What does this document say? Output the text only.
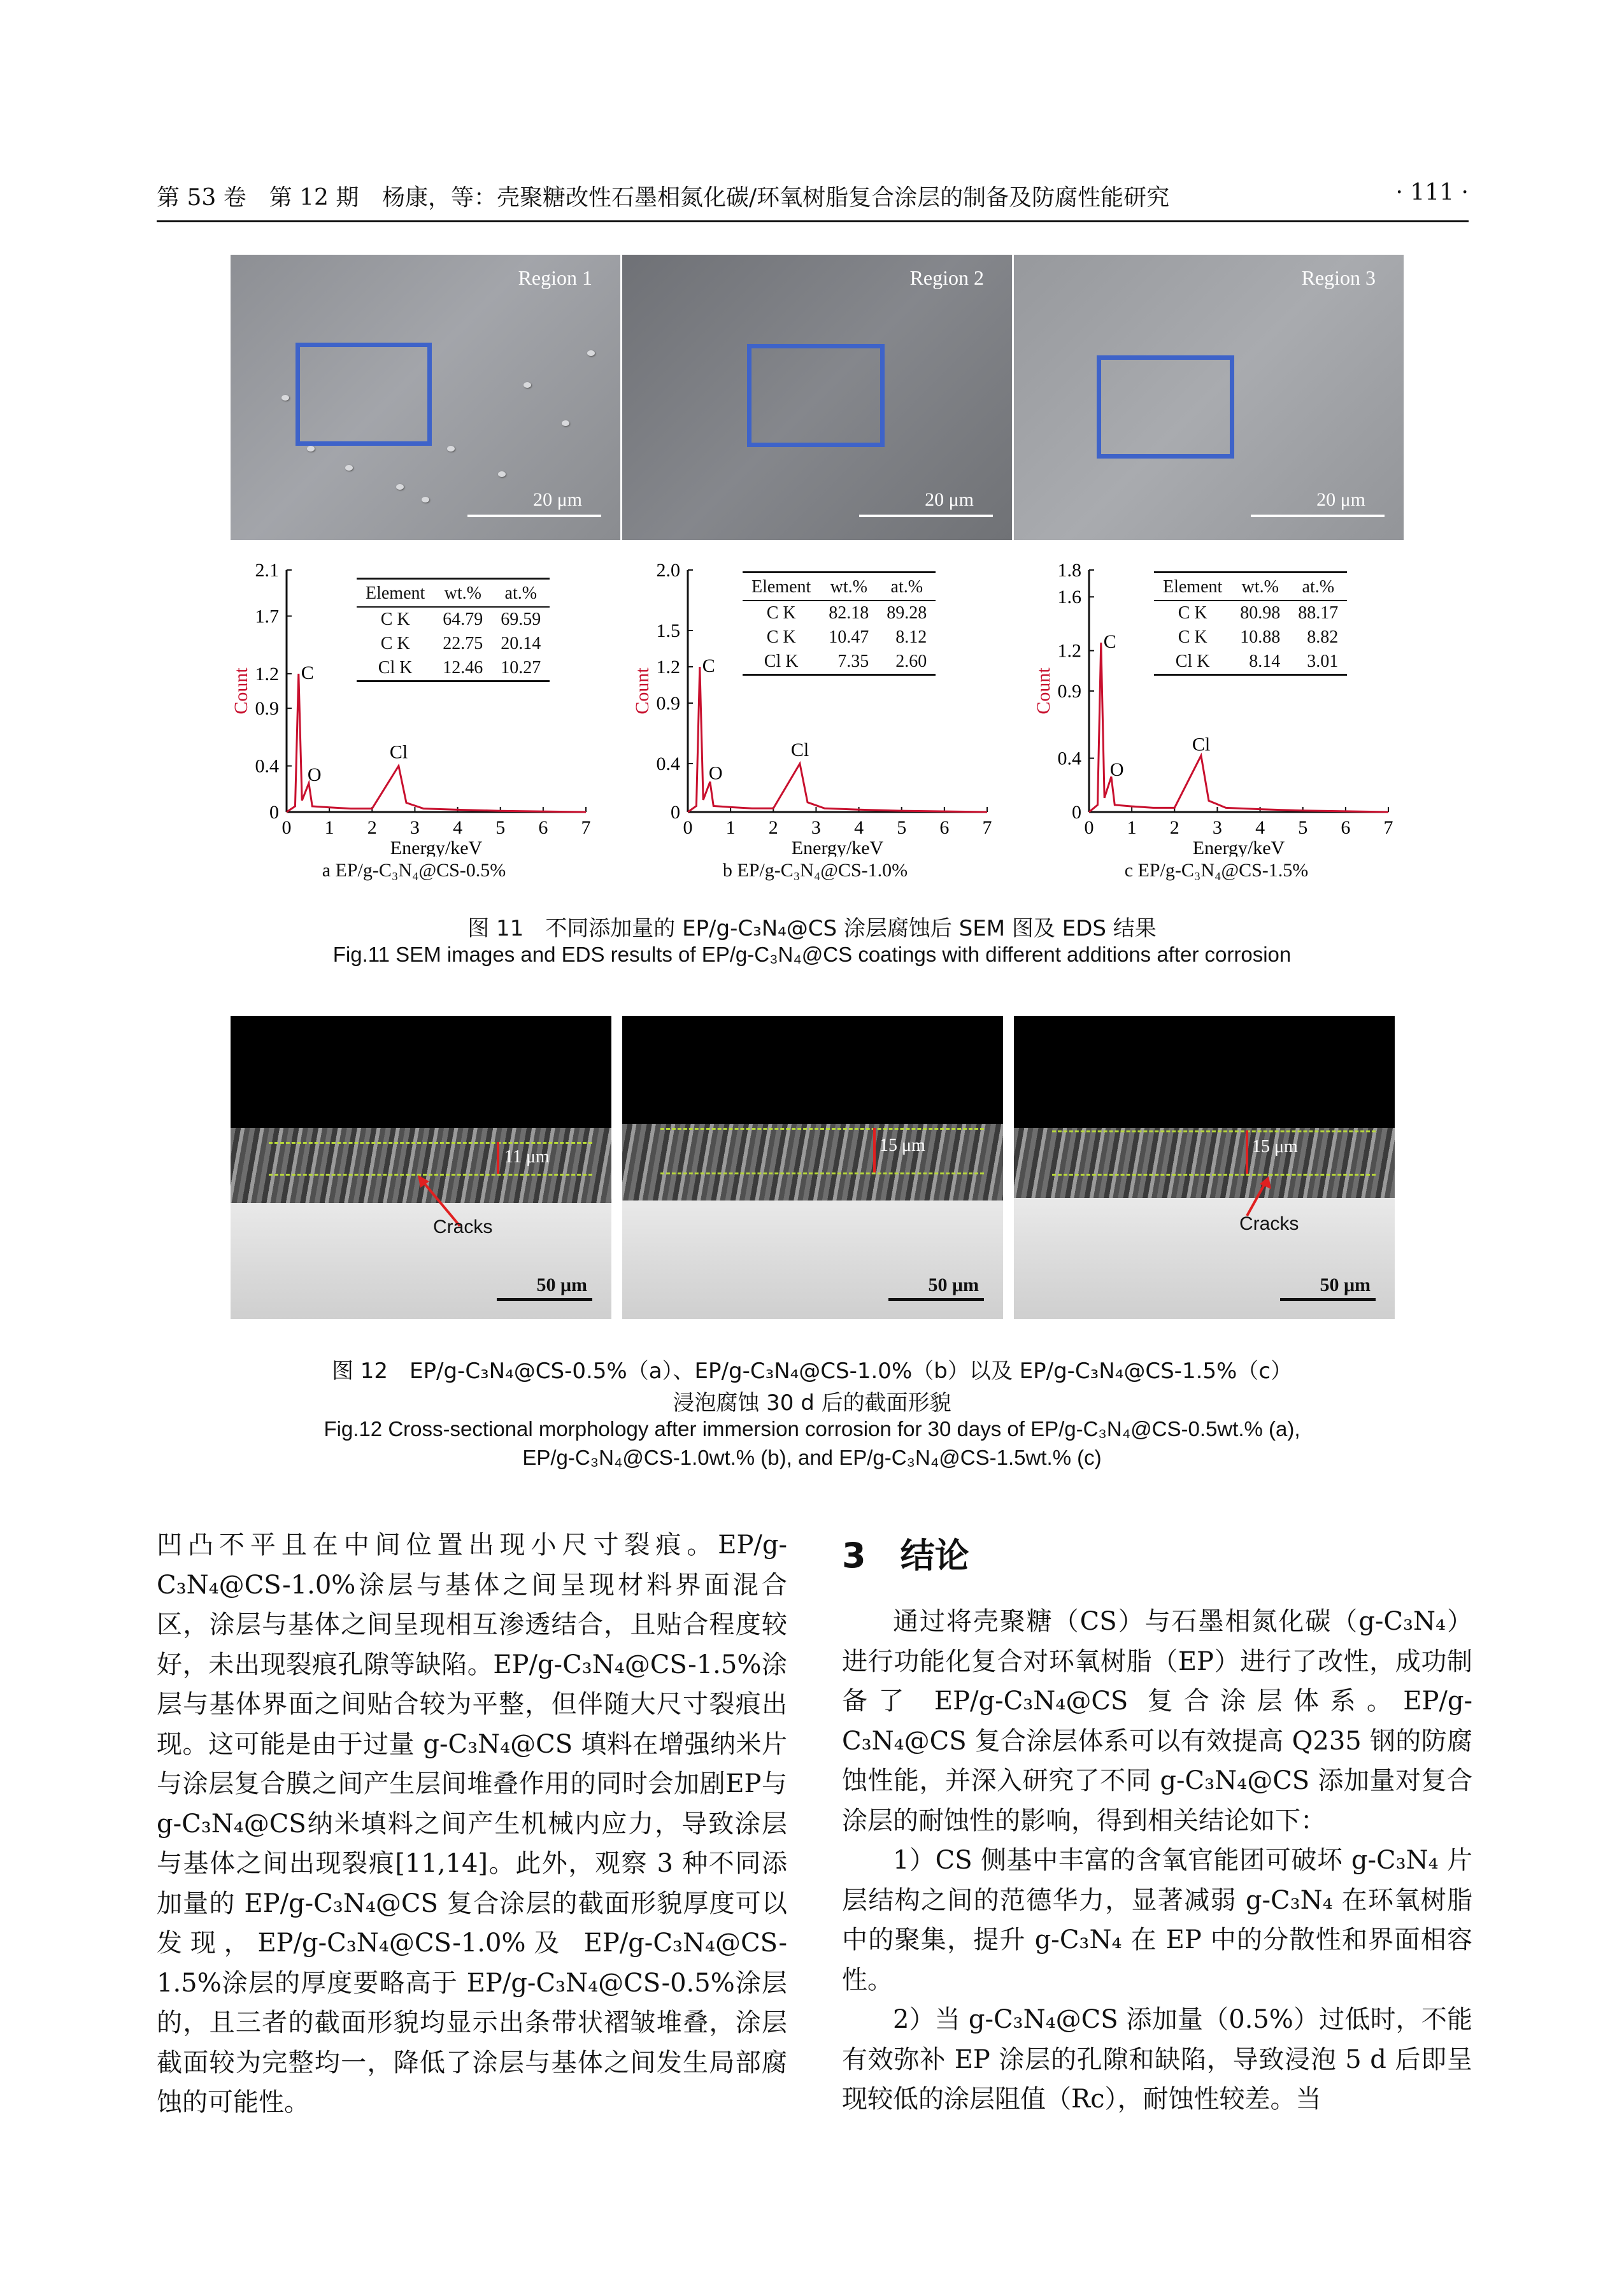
第 53 卷　第 12 期 杨康，等：壳聚糖改性石墨相氮化碳/环氧树脂复合涂层的制备及防腐性能研究	· 111 ·
Region 1
20 μm
Region 2
20 μm
Region 3
20 μm
2.1
1.7
1.2
0.9
0.4
0
0 1 2 3 4 5 6 7
Energy/keV
Count	C
O
Cl
Element	wt.%	at.%
C K	64.79	69.59
C K	22.75	20.14
Cl K	12.46	10.27
2.0
1.5
1.2
0.9
0.4
0
0 1 2 3 4 5 6 7
Energy/keV
Count
C
O
Cl
Element	wt.%	at.%
C K	82.18	89.28
C K	10.47	8.12
Cl K	7.35	2.60
1.8
1.6
1.2
0.9
0.4
0
0 1 2 3 4 5 6 7
Energy/keV
Count
C
O
Cl
Element	wt.%	at.%
C K	80.98	88.17
C K	10.88	8.82
Cl K	8.14	3.01
a EP/g-C₃N₄@CS-0.5%	b EP/g-C₃N₄@CS-1.0%	c EP/g-C₃N₄@CS-1.5%
图 11　不同添加量的 EP/g-C₃N₄@CS 涂层腐蚀后 SEM 图及 EDS 结果
Fig.11 SEM images and EDS results of EP/g-C₃N₄@CS coatings with different additions after corrosion
11 μm
Cracks
50 μm
15 μm
50 μm
15 μm
Cracks
50 μm
图 12　EP/g-C₃N₄@CS-0.5%（a）、EP/g-C₃N₄@CS-1.0%（b）以及 EP/g-C₃N₄@CS-1.5%（c）
浸泡腐蚀 30 d 后的截面形貌
Fig.12 Cross-sectional morphology after immersion corrosion for 30 days of EP/g-C₃N₄@CS-0.5wt.% (a),
EP/g-C₃N₄@CS-1.0wt.% (b), and EP/g-C₃N₄@CS-1.5wt.% (c)

凹凸不平且在中间位置出现小尺寸裂痕。EP/g-C₃N₄@CS-1.0%涂层与基体之间呈现材料界面混合区，涂层与基体之间呈现相互渗透结合，且贴合程度较好，未出现裂痕孔隙等缺陷。EP/g-C₃N₄@CS-1.5%涂层与基体界面之间贴合较为平整，但伴随大尺寸裂痕出现。这可能是由于过量 g-C₃N₄@CS 填料在增强纳米片与涂层复合膜之间产生层间堆叠作用的同时会加剧EP与g-C₃N₄@CS纳米填料之间产生机械内应力，导致涂层与基体之间出现裂痕[11,14]。此外，观察 3 种不同添加量的 EP/g-C₃N₄@CS 复合涂层的截面形貌厚度可以发现，EP/g-C₃N₄@CS-1.0%及 EP/g-C₃N₄@CS-1.5%涂层的厚度要略高于 EP/g-C₃N₄@CS-0.5%涂层的，且三者的截面形貌均显示出条带状褶皱堆叠，涂层截面较为完整均一，降低了涂层与基体之间发生局部腐蚀的可能性。

3　结论

通过将壳聚糖（CS）与石墨相氮化碳（g-C₃N₄）进行功能化复合对环氧树脂（EP）进行了改性，成功制备了 EP/g-C₃N₄@CS 复合涂层体系。EP/g-C₃N₄@CS 复合涂层体系可以有效提高 Q235 钢的防腐蚀性能，并深入研究了不同 g-C₃N₄@CS 添加量对复合涂层的耐蚀性的影响，得到相关结论如下：

1）CS 侧基中丰富的含氧官能团可破坏 g-C₃N₄ 片层结构之间的范德华力，显著减弱 g-C₃N₄ 在环氧树脂中的聚集，提升 g-C₃N₄ 在 EP 中的分散性和界面相容性。

2）当 g-C₃N₄@CS 添加量（0.5%）过低时，不能有效弥补 EP 涂层的孔隙和缺陷，导致浸泡 5 d 后即呈现较低的涂层阻值（Rc），耐蚀性较差。当
